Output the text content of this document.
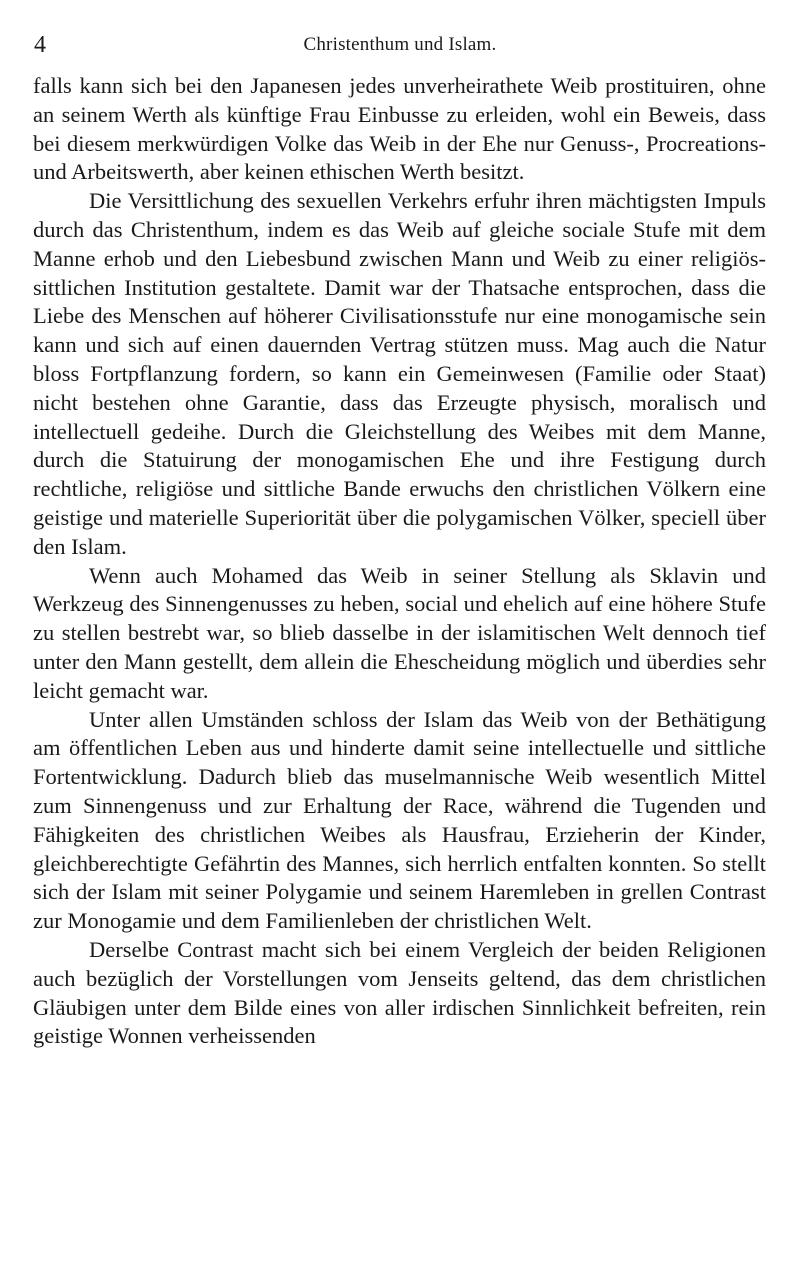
4	Christenthum und Islam.

falls kann sich bei den Japanesen jedes unverheirathete Weib prostituiren, ohne an seinem Werth als künftige Frau Einbusse zu erleiden, wohl ein Beweis, dass bei diesem merkwürdigen Volke das Weib in der Ehe nur Genuss-, Procreations- und Arbeitswerth, aber keinen ethischen Werth besitzt.

Die Versittlichung des sexuellen Verkehrs erfuhr ihren mächtigsten Impuls durch das Christenthum, indem es das Weib auf gleiche sociale Stufe mit dem Manne erhob und den Liebesbund zwischen Mann und Weib zu einer religiös-sittlichen Institution gestaltete. Damit war der Thatsache entsprochen, dass die Liebe des Menschen auf höherer Civilisationsstufe nur eine monogamische sein kann und sich auf einen dauernden Vertrag stützen muss. Mag auch die Natur bloss Fortpflanzung fordern, so kann ein Gemeinwesen (Familie oder Staat) nicht bestehen ohne Garantie, dass das Erzeugte physisch, moralisch und intellectuell gedeihe. Durch die Gleichstellung des Weibes mit dem Manne, durch die Statuirung der monogamischen Ehe und ihre Festigung durch rechtliche, religiöse und sittliche Bande erwuchs den christlichen Völkern eine geistige und materielle Superiorität über die polygamischen Völker, speciell über den Islam.

Wenn auch Mohamed das Weib in seiner Stellung als Sklavin und Werkzeug des Sinnengenusses zu heben, social und ehelich auf eine höhere Stufe zu stellen bestrebt war, so blieb dasselbe in der islamitischen Welt dennoch tief unter den Mann gestellt, dem allein die Ehescheidung möglich und überdies sehr leicht gemacht war.

Unter allen Umständen schloss der Islam das Weib von der Bethätigung am öffentlichen Leben aus und hinderte damit seine intellectuelle und sittliche Fortentwicklung. Dadurch blieb das muselmannische Weib wesentlich Mittel zum Sinnengenuss und zur Erhaltung der Race, während die Tugenden und Fähigkeiten des christlichen Weibes als Hausfrau, Erzieherin der Kinder, gleichberechtigte Gefährtin des Mannes, sich herrlich entfalten konnten. So stellt sich der Islam mit seiner Polygamie und seinem Haremleben in grellen Contrast zur Monogamie und dem Familienleben der christlichen Welt.

Derselbe Contrast macht sich bei einem Vergleich der beiden Religionen auch bezüglich der Vorstellungen vom Jenseits geltend, das dem christlichen Gläubigen unter dem Bilde eines von aller irdischen Sinnlichkeit befreiten, rein geistige Wonnen verheissenden
